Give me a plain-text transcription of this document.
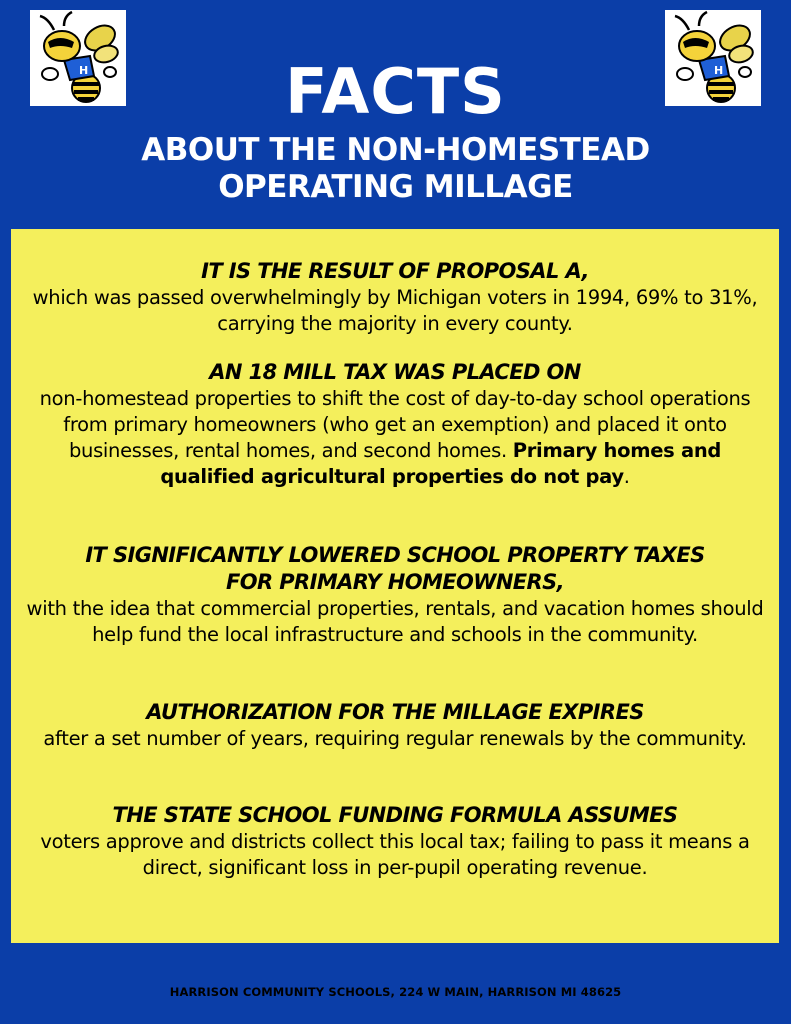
H	H
FACTS
ABOUT THE NON-HOMESTEAD
OPERATING MILLAGE
IT IS THE RESULT OF PROPOSAL A,
which was passed overwhelmingly by Michigan voters in 1994, 69% to 31%, carrying the majority in every county.
AN 18 MILL TAX WAS PLACED ON
non-homestead properties to shift the cost of day-to-day school operations from primary homeowners (who get an exemption) and placed it onto businesses, rental homes, and second homes. Primary homes and qualified agricultural properties do not pay.
IT SIGNIFICANTLY LOWERED SCHOOL PROPERTY TAXES
FOR PRIMARY HOMEOWNERS,
with the idea that commercial properties, rentals, and vacation homes should help fund the local infrastructure and schools in the community.
AUTHORIZATION FOR THE MILLAGE EXPIRES
after a set number of years, requiring regular renewals by the community.
THE STATE SCHOOL FUNDING FORMULA ASSUMES
voters approve and districts collect this local tax; failing to pass it means a direct, significant loss in per-pupil operating revenue.
HARRISON COMMUNITY SCHOOLS, 224 W MAIN, HARRISON MI 48625
